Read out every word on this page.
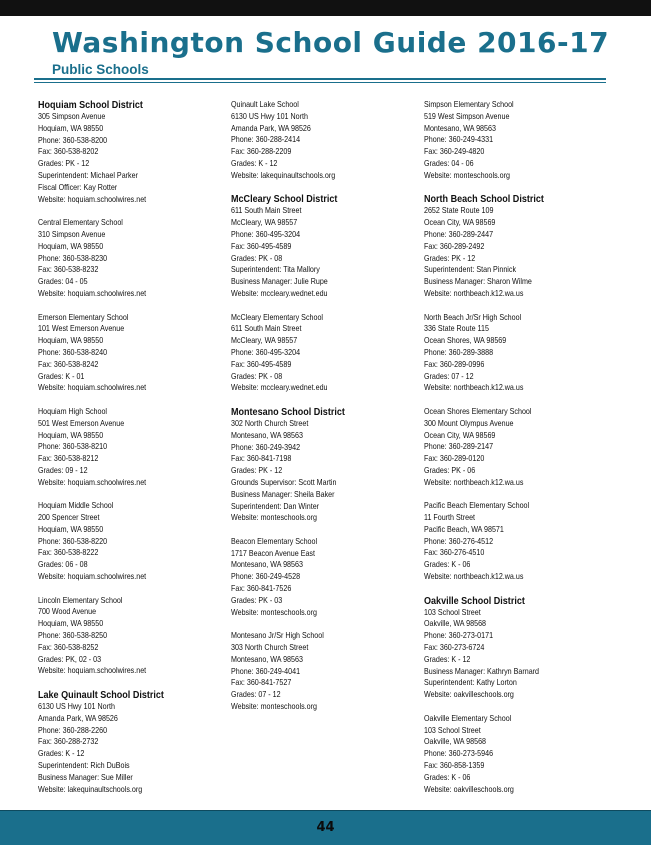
Washington School Guide 2016-17
Public Schools
Hoquiam School District
305 Simpson Avenue
Hoquiam, WA 98550
Phone: 360-538-8200
Fax: 360-538-8202
Grades: PK - 12
Superintendent: Michael Parker
Fiscal Officer: Kay Rotter
Website: hoquiam.schoolwires.net
Central Elementary School
310 Simpson Avenue
Hoquiam, WA 98550
Phone: 360-538-8230
Fax: 360-538-8232
Grades: 04 - 05
Website: hoquiam.schoolwires.net
Emerson Elementary School
101 West Emerson Avenue
Hoquiam, WA 98550
Phone: 360-538-8240
Fax: 360-538-8242
Grades: K - 01
Website: hoquiam.schoolwires.net
Hoquiam High School
501 West Emerson Avenue
Hoquiam, WA 98550
Phone: 360-538-8210
Fax: 360-538-8212
Grades: 09 - 12
Website: hoquiam.schoolwires.net
Hoquiam Middle School
200 Spencer Street
Hoquiam, WA 98550
Phone: 360-538-8220
Fax: 360-538-8222
Grades: 06 - 08
Website: hoquiam.schoolwires.net
Lincoln Elementary School
700 Wood Avenue
Hoquiam, WA 98550
Phone: 360-538-8250
Fax: 360-538-8252
Grades: PK, 02 - 03
Website: hoquiam.schoolwires.net
Lake Quinault School District
6130 US Hwy 101 North
Amanda Park, WA 98526
Phone: 360-288-2260
Fax: 360-288-2732
Grades: K - 12
Superintendent: Rich DuBois
Business Manager: Sue Miller
Website: lakequinaultschools.org
Quinault Lake School
6130 US Hwy 101 North
Amanda Park, WA 98526
Phone: 360-288-2414
Fax: 360-288-2209
Grades: K - 12
Website: lakequinaultschools.org
McCleary School District
611 South Main Street
McCleary, WA 98557
Phone: 360-495-3204
Fax: 360-495-4589
Grades: PK - 08
Superintendent: Tita Mallory
Business Manager: Julie Rupe
Website: mccleary.wednet.edu
McCleary Elementary School
611 South Main Street
McCleary, WA 98557
Phone: 360-495-3204
Fax: 360-495-4589
Grades: PK - 08
Website: mccleary.wednet.edu
Montesano School District
302 North Church Street
Montesano, WA 98563
Phone: 360-249-3942
Fax: 360-841-7198
Grades: PK - 12
Grounds Supervisor: Scott Martin
Business Manager: Sheila Baker
Superintendent: Dan Winter
Website: monteschools.org
Beacon Elementary School
1717 Beacon Avenue East
Montesano, WA 98563
Phone: 360-249-4528
Fax: 360-841-7526
Grades: PK - 03
Website: monteschools.org
Montesano Jr/Sr High School
303 North Church Street
Montesano, WA 98563
Phone: 360-249-4041
Fax: 360-841-7527
Grades: 07 - 12
Website: monteschools.org
Simpson Elementary School
519 West Simpson Avenue
Montesano, WA 98563
Phone: 360-249-4331
Fax: 360-249-4820
Grades: 04 - 06
Website: monteschools.org
North Beach School District
2652 State Route 109
Ocean City, WA 98569
Phone: 360-289-2447
Fax: 360-289-2492
Grades: PK - 12
Superintendent: Stan Pinnick
Business Manager: Sharon Wilme
Website: northbeach.k12.wa.us
North Beach Jr/Sr High School
336 State Route 115
Ocean Shores, WA 98569
Phone: 360-289-3888
Fax: 360-289-0996
Grades: 07 - 12
Website: northbeach.k12.wa.us
Ocean Shores Elementary School
300 Mount Olympus Avenue
Ocean City, WA 98569
Phone: 360-289-2147
Fax: 360-289-0120
Grades: PK - 06
Website: northbeach.k12.wa.us
Pacific Beach Elementary School
11 Fourth Street
Pacific Beach, WA 98571
Phone: 360-276-4512
Fax: 360-276-4510
Grades: K - 06
Website: northbeach.k12.wa.us
Oakville School District
103 School Street
Oakville, WA 98568
Phone: 360-273-0171
Fax: 360-273-6724
Grades: K - 12
Business Manager: Kathryn Barnard
Superintendent: Kathy Lorton
Website: oakvilleschools.org
Oakville Elementary School
103 School Street
Oakville, WA 98568
Phone: 360-273-5946
Fax: 360-858-1359
Grades: K - 06
Website: oakvilleschools.org
44
